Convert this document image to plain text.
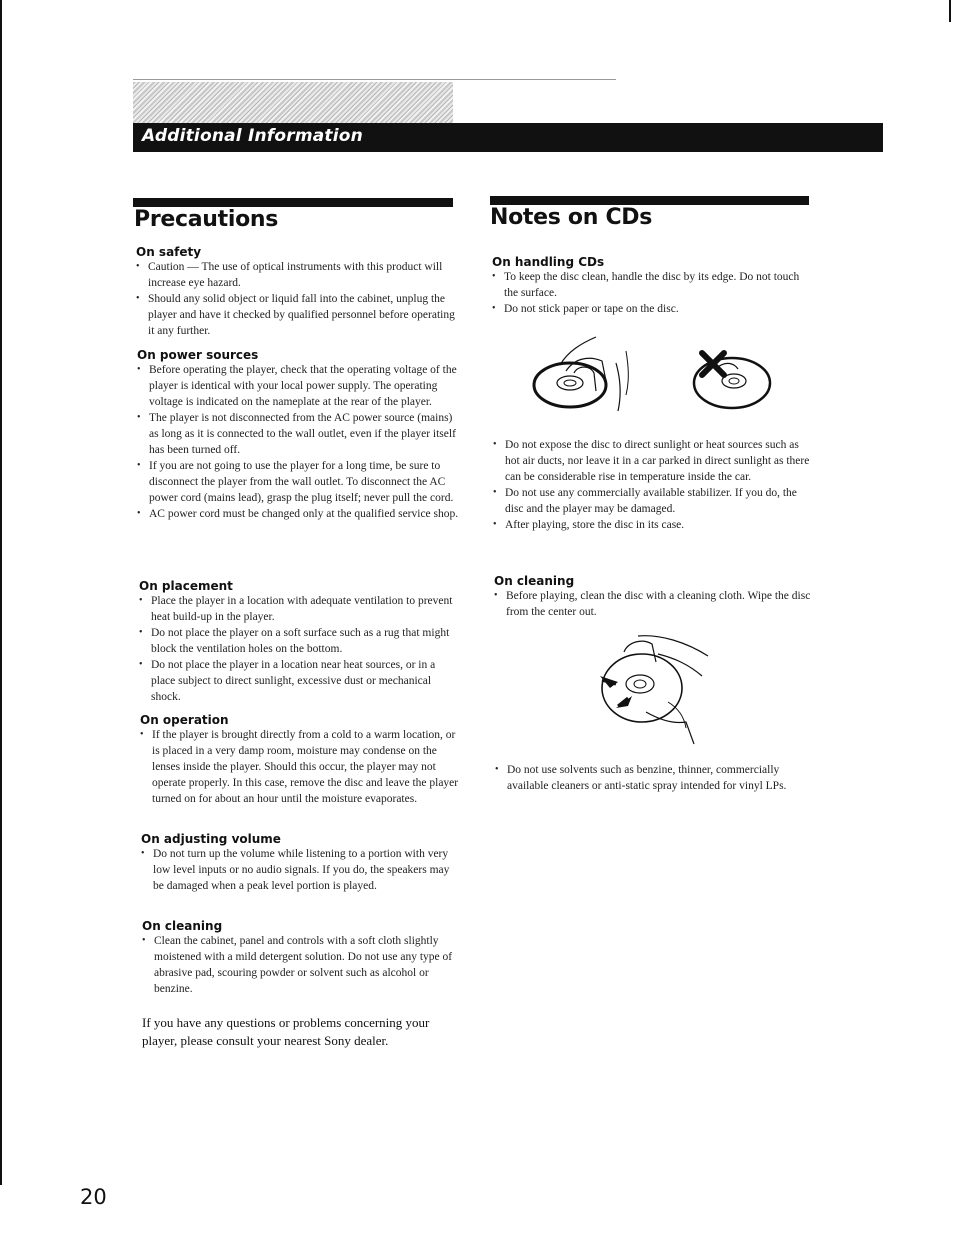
Additional Information
Precautions

On safety

• Caution — The use of optical instruments with this product will increase eye hazard.
• Should any solid object or liquid fall into the cabinet, unplug the player and have it checked by qualified personnel before operating it any further.

On power sources

• Before operating the player, check that the operating voltage of the player is identical with your local power supply. The operating voltage is indicated on the nameplate at the rear of the player.
• The player is not disconnected from the AC power source (mains) as long as it is connected to the wall outlet, even if the player itself has been turned off.
• If you are not going to use the player for a long time, be sure to disconnect the player from the wall outlet. To disconnect the AC power cord (mains lead), grasp the plug itself; never pull the cord.
• AC power cord must be changed only at the qualified service shop.

On placement

• Place the player in a location with adequate ventilation to prevent heat build-up in the player.
• Do not place the player on a soft surface such as a rug that might block the ventilation holes on the bottom.
• Do not place the player in a location near heat sources, or in a place subject to direct sunlight, excessive dust or mechanical shock.

On operation

• If the player is brought directly from a cold to a warm location, or is placed in a very damp room, moisture may condense on the lenses inside the player. Should this occur, the player may not operate properly. In this case, remove the disc and leave the player turned on for about an hour until the moisture evaporates.

On adjusting volume

• Do not turn up the volume while listening to a portion with very low level inputs or no audio signals. If you do, the speakers may be damaged when a peak level portion is played.

On cleaning

• Clean the cabinet, panel and controls with a soft cloth slightly moistened with a mild detergent solution. Do not use any type of abrasive pad, scouring powder or solvent such as alcohol or benzine.
If you have any questions or problems concerning your player, please consult your nearest Sony dealer.
Notes on CDs

On handling CDs

• To keep the disc clean, handle the disc by its edge. Do not touch the surface.
• Do not stick paper or tape on the disc.
• Do not expose the disc to direct sunlight or heat sources such as hot air ducts, nor leave it in a car parked in direct sunlight as there can be considerable rise in temperature inside the car.
• Do not use any commercially available stabilizer. If you do, the disc and the player may be damaged.
• After playing, store the disc in its case.

On cleaning

• Before playing, clean the disc with a cleaning cloth. Wipe the disc from the center out.
• Do not use solvents such as benzine, thinner, commercially available cleaners or anti-static spray intended for vinyl LPs.
20
